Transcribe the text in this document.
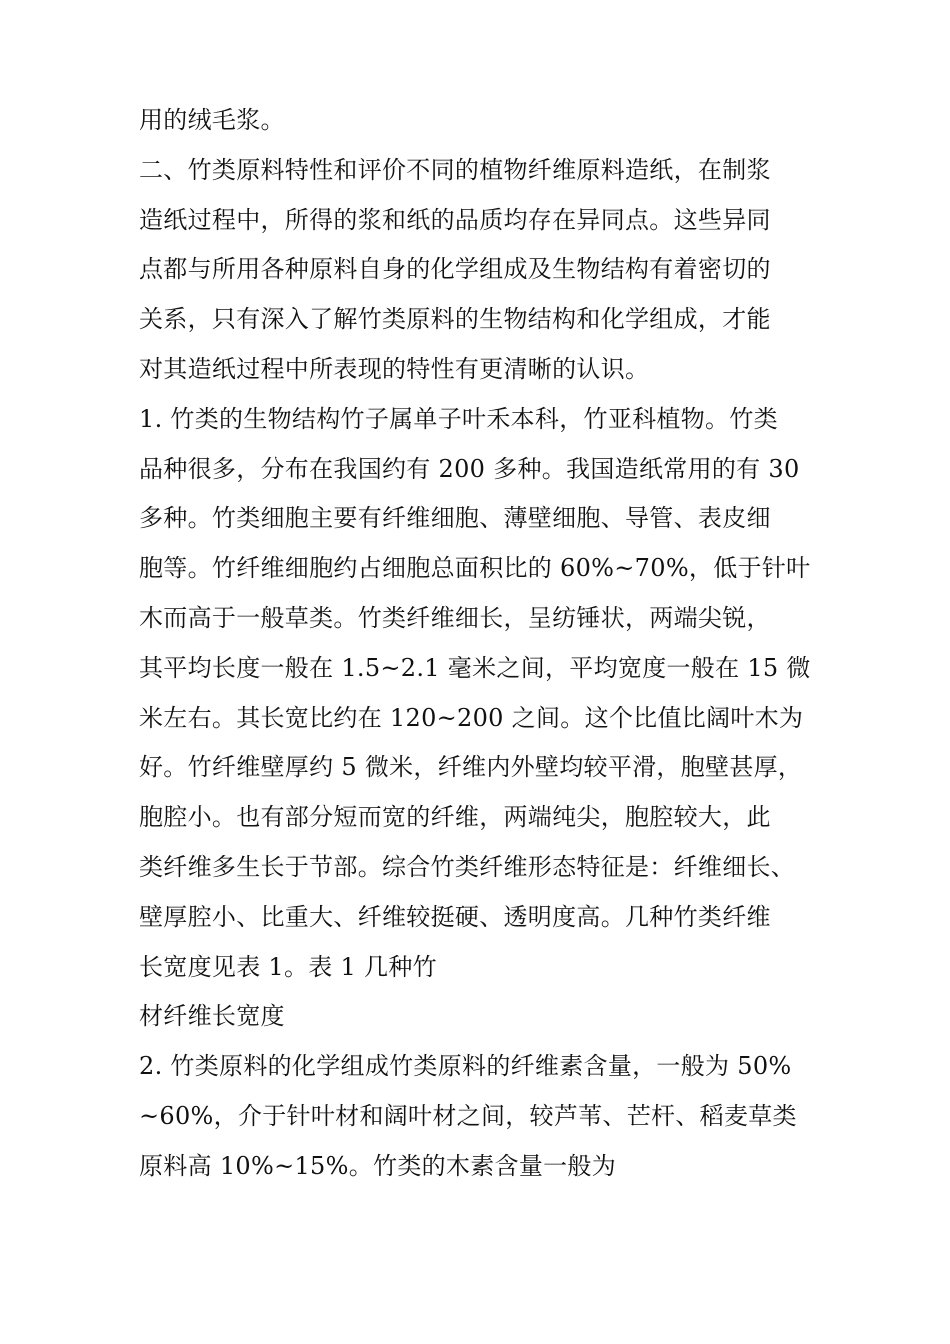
用的绒毛浆。
二、竹类原料特性和评价不同的植物纤维原料造纸，在制浆
造纸过程中，所得的浆和纸的品质均存在异同点。这些异同
点都与所用各种原料自身的化学组成及生物结构有着密切的
关系，只有深入了解竹类原料的生物结构和化学组成，才能
对其造纸过程中所表现的特性有更清晰的认识。
1. 竹类的生物结构竹子属单子叶禾本科，竹亚科植物。竹类
品种很多，分布在我国约有 200 多种。我国造纸常用的有 30
多种。竹类细胞主要有纤维细胞、薄壁细胞、导管、表皮细
胞等。竹纤维细胞约占细胞总面积比的 60%~70%，低于针叶
木而高于一般草类。竹类纤维细长，呈纺锤状，两端尖锐，
其平均长度一般在 1.5~2.1 毫米之间，平均宽度一般在 15 微
米左右。其长宽比约在 120~200 之间。这个比值比阔叶木为
好。竹纤维壁厚约 5 微米，纤维内外壁均较平滑，胞壁甚厚，
胞腔小。也有部分短而宽的纤维，两端纯尖，胞腔较大，此
类纤维多生长于节部。综合竹类纤维形态特征是：纤维细长、
壁厚腔小、比重大、纤维较挺硬、透明度高。几种竹类纤维
长宽度见表 1。表 1 几种竹
材纤维长宽度
2. 竹类原料的化学组成竹类原料的纤维素含量，一般为 50%
~60%，介于针叶材和阔叶材之间，较芦苇、芒杆、稻麦草类
原料高 10%~15%。竹类的木素含量一般为
